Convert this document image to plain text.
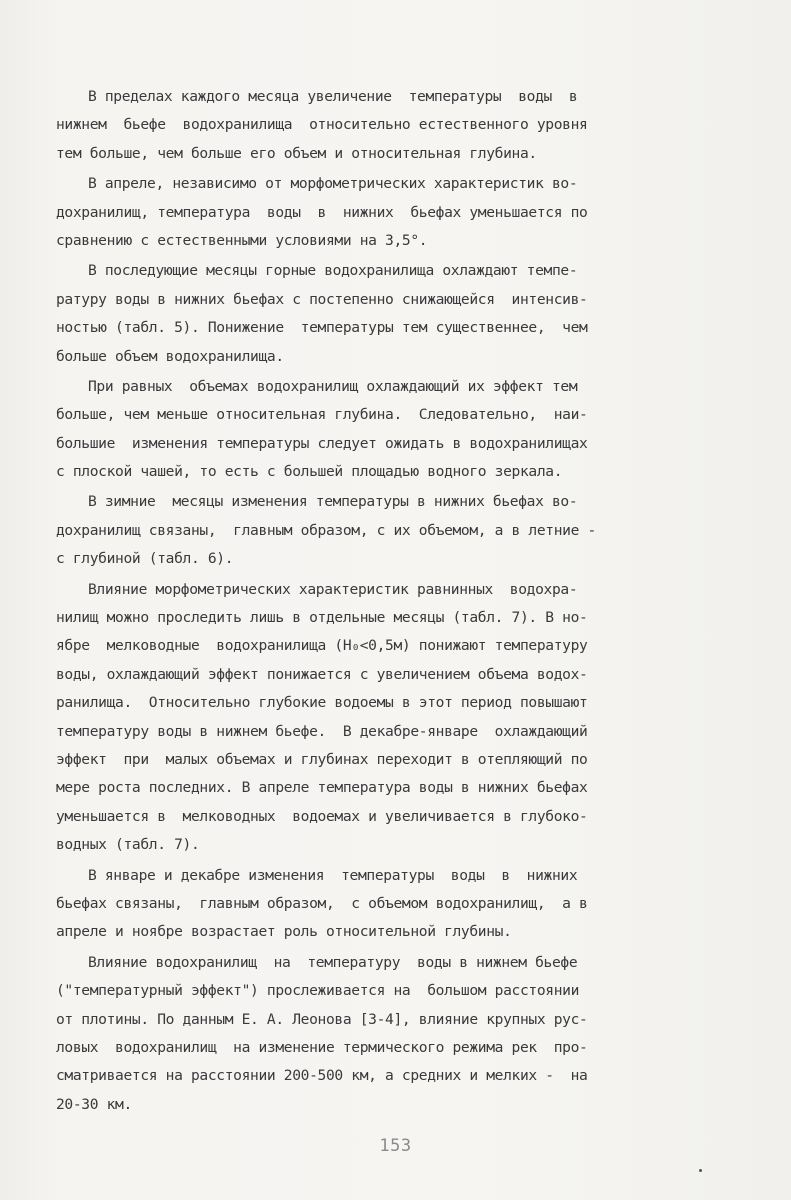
В пределах каждого месяца увеличение  температуры  воды  в
нижнем  бьефе  водохранилища  относительно естественного уровня
тем больше, чем больше его объем и относительная глубина.
В апреле, независимо от морфометрических характеристик во-
дохранилищ, температура  воды  в  нижних  бьефах уменьшается по
сравнению с естественными условиями на 3,5°.
В последующие месяцы горные водохранилища охлаждают темпе-
ратуру воды в нижних бьефах с постепенно снижающейся  интенсив-
ностью (табл. 5). Понижение  температуры тем существеннее,  чем
больше объем водохранилища.
При равных  объемах водохранилищ охлаждающий их эффект тем
больше, чем меньше относительная глубина.  Следовательно,  наи-
большие  изменения температуры следует ожидать в водохранилищах
с плоской чашей, то есть с большей площадью водного зеркала.
В зимние  месяцы изменения температуры в нижних бьефах во-
дохранилищ связаны,  главным образом, с их объемом, а в летние -
с глубиной (табл. 6).
Влияние морфометрических характеристик равнинных  водохра-
нилищ можно проследить лишь в отдельные месяцы (табл. 7). В но-
ябре  мелководные  водохранилища (H₀<0,5м) понижают температуру
воды, охлаждающий эффект понижается с увеличением объема водох-
ранилища.  Относительно глубокие водоемы в этот период повышают
температуру воды в нижнем бьефе.  В декабре-январе  охлаждающий
эффект  при  малых объемах и глубинах переходит в отепляющий по
мере роста последних. В апреле температура воды в нижних бьефах
уменьшается в  мелководных  водоемах и увеличивается в глубоко-
водных (табл. 7).
В январе и декабре изменения  температуры  воды  в  нижних
бьефах связаны,  главным образом,  с объемом водохранилищ,  а в
апреле и ноябре возрастает роль относительной глубины.
Влияние водохранилищ  на  температуру  воды в нижнем бьефе
("температурный эффект") прослеживается на  большом расстоянии
от плотины. По данным Е. А. Леонова [3-4], влияние крупных рус-
ловых  водохранилищ  на изменение термического режима рек  про-
сматривается на расстоянии 200-500 км, а средних и мелких -  на
20-30 км.
153
